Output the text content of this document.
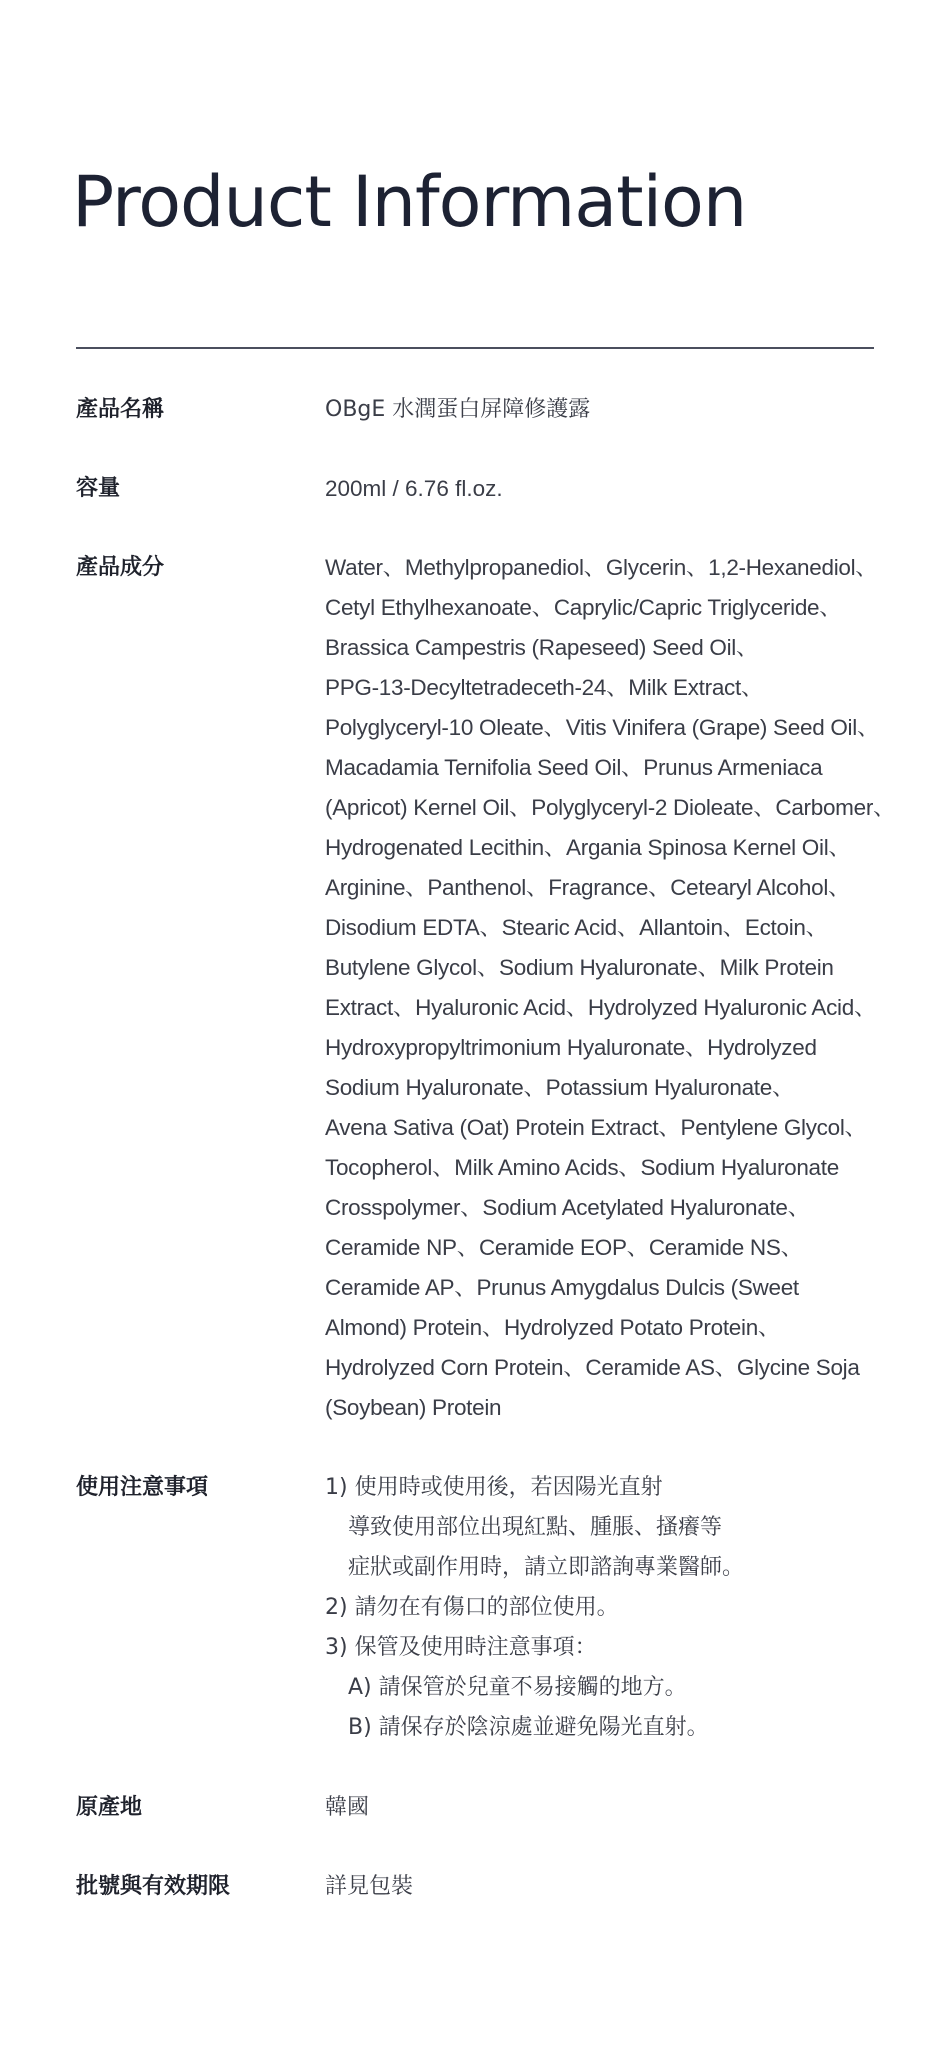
Product Information
產品名稱	OBgE 水潤蛋白屏障修護露
容量	200ml / 6.76 fl.oz.
產品成分	Water、Methylpropanediol、Glycerin、1,2-Hexanediol、
Cetyl Ethylhexanoate、Caprylic/Capric Triglyceride、
Brassica Campestris (Rapeseed) Seed Oil、
PPG-13-Decyltetradeceth-24、Milk Extract、
Polyglyceryl-10 Oleate、Vitis Vinifera (Grape) Seed Oil、
Macadamia Ternifolia Seed Oil、Prunus Armeniaca
(Apricot) Kernel Oil、Polyglyceryl-2 Dioleate、Carbomer、
Hydrogenated Lecithin、Argania Spinosa Kernel Oil、
Arginine、Panthenol、Fragrance、Cetearyl Alcohol、
Disodium EDTA、Stearic Acid、Allantoin、Ectoin、
Butylene Glycol、Sodium Hyaluronate、Milk Protein
Extract、Hyaluronic Acid、Hydrolyzed Hyaluronic Acid、
Hydroxypropyltrimonium Hyaluronate、Hydrolyzed
Sodium Hyaluronate、Potassium Hyaluronate、
Avena Sativa (Oat) Protein Extract、Pentylene Glycol、
Tocopherol、Milk Amino Acids、Sodium Hyaluronate
Crosspolymer、Sodium Acetylated Hyaluronate、
Ceramide NP、Ceramide EOP、Ceramide NS、
Ceramide AP、Prunus Amygdalus Dulcis (Sweet
Almond) Protein、Hydrolyzed Potato Protein、
Hydrolyzed Corn Protein、Ceramide AS、Glycine Soja
(Soybean) Protein
使用注意事項	1) 使用時或使用後，若因陽光直射
導致使用部位出現紅點、腫脹、搔癢等
症狀或副作用時，請立即諮詢專業醫師。
2) 請勿在有傷口的部位使用。
3) 保管及使用時注意事項：
A) 請保管於兒童不易接觸的地方。
B) 請保存於陰涼處並避免陽光直射。
原產地	韓國
批號與有效期限	詳見包裝
